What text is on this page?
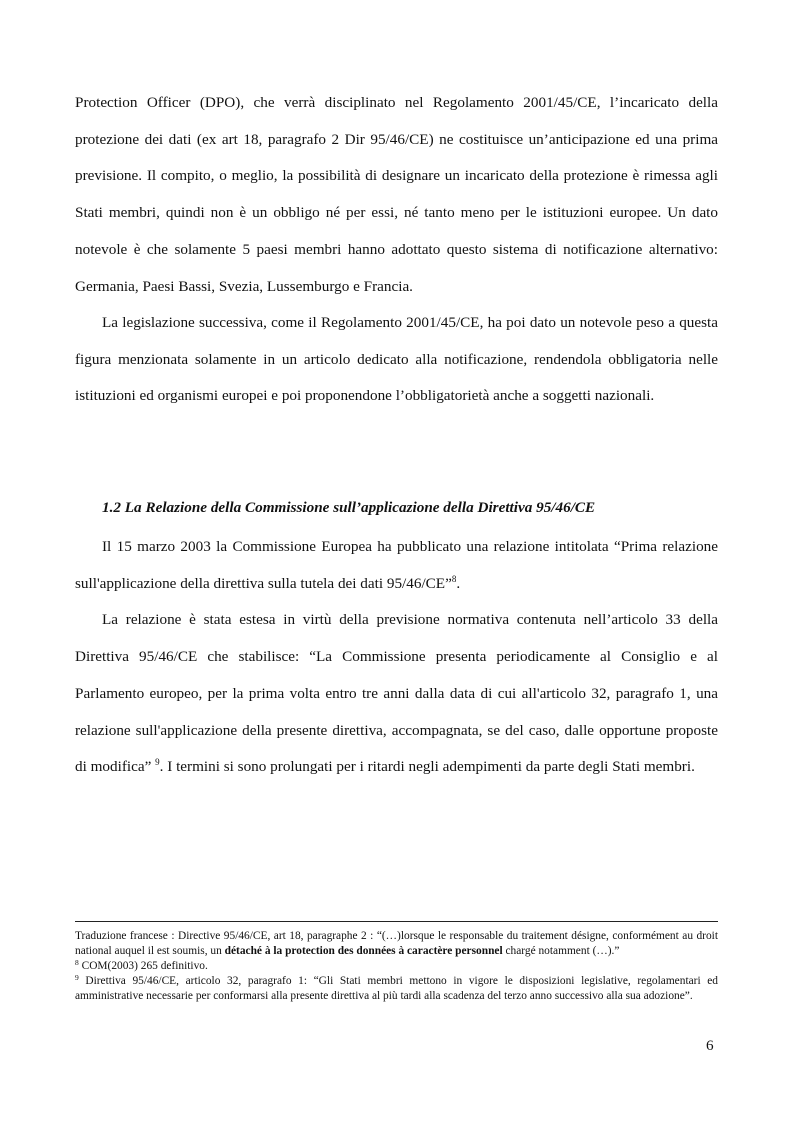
Protection Officer (DPO), che verrà disciplinato nel Regolamento 2001/45/CE, l’incaricato della protezione dei dati (ex art 18, paragrafo 2 Dir 95/46/CE) ne costituisce un’anticipazione ed una prima previsione. Il compito, o meglio, la possibilità di designare un incaricato della protezione è rimessa agli Stati membri, quindi non è un obbligo né per essi, né tanto meno per le istituzioni europee. Un dato notevole è che solamente 5 paesi membri hanno adottato questo sistema di notificazione alternativo: Germania, Paesi Bassi, Svezia, Lussemburgo e Francia.

La legislazione successiva, come il Regolamento 2001/45/CE, ha poi dato un notevole peso a questa figura menzionata solamente in un articolo dedicato alla notificazione, rendendola obbligatoria nelle istituzioni ed organismi europei e poi proponendone l’obbligatorietà anche a soggetti nazionali.

1.2 La Relazione della Commissione sull’applicazione della Direttiva 95/46/CE

Il 15 marzo 2003 la Commissione Europea ha pubblicato una relazione intitolata “Prima relazione sull'applicazione della direttiva sulla tutela dei dati 95/46/CE”$^8$.

La relazione è stata estesa in virtù della previsione normativa contenuta nell’articolo 33 della Direttiva 95/46/CE che stabilisce: “La Commissione presenta periodicamente al Consiglio e al Parlamento europeo, per la prima volta entro tre anni dalla data di cui all'articolo 32, paragrafo 1, una relazione sull'applicazione della presente direttiva, accompagnata, se del caso, dalle opportune proposte di modifica” $^9$. I termini si sono prolungati per i ritardi negli adempimenti da parte degli Stati membri.

Traduzione francese : Directive 95/46/CE, art 18, paragraphe 2 : “(…)lorsque le responsable du traitement désigne, conformément au droit national auquel il est soumis, un détaché à la protection des données à caractère personnel chargé notamment (…).”
$^8$ COM(2003) 265 definitivo.
$^9$ Direttiva 95/46/CE, articolo 32, paragrafo 1: “Gli Stati membri mettono in vigore le disposizioni legislative, regolamentari ed amministrative necessarie per conformarsi alla presente direttiva al più tardi alla scadenza del terzo anno successivo alla sua adozione”.
6
